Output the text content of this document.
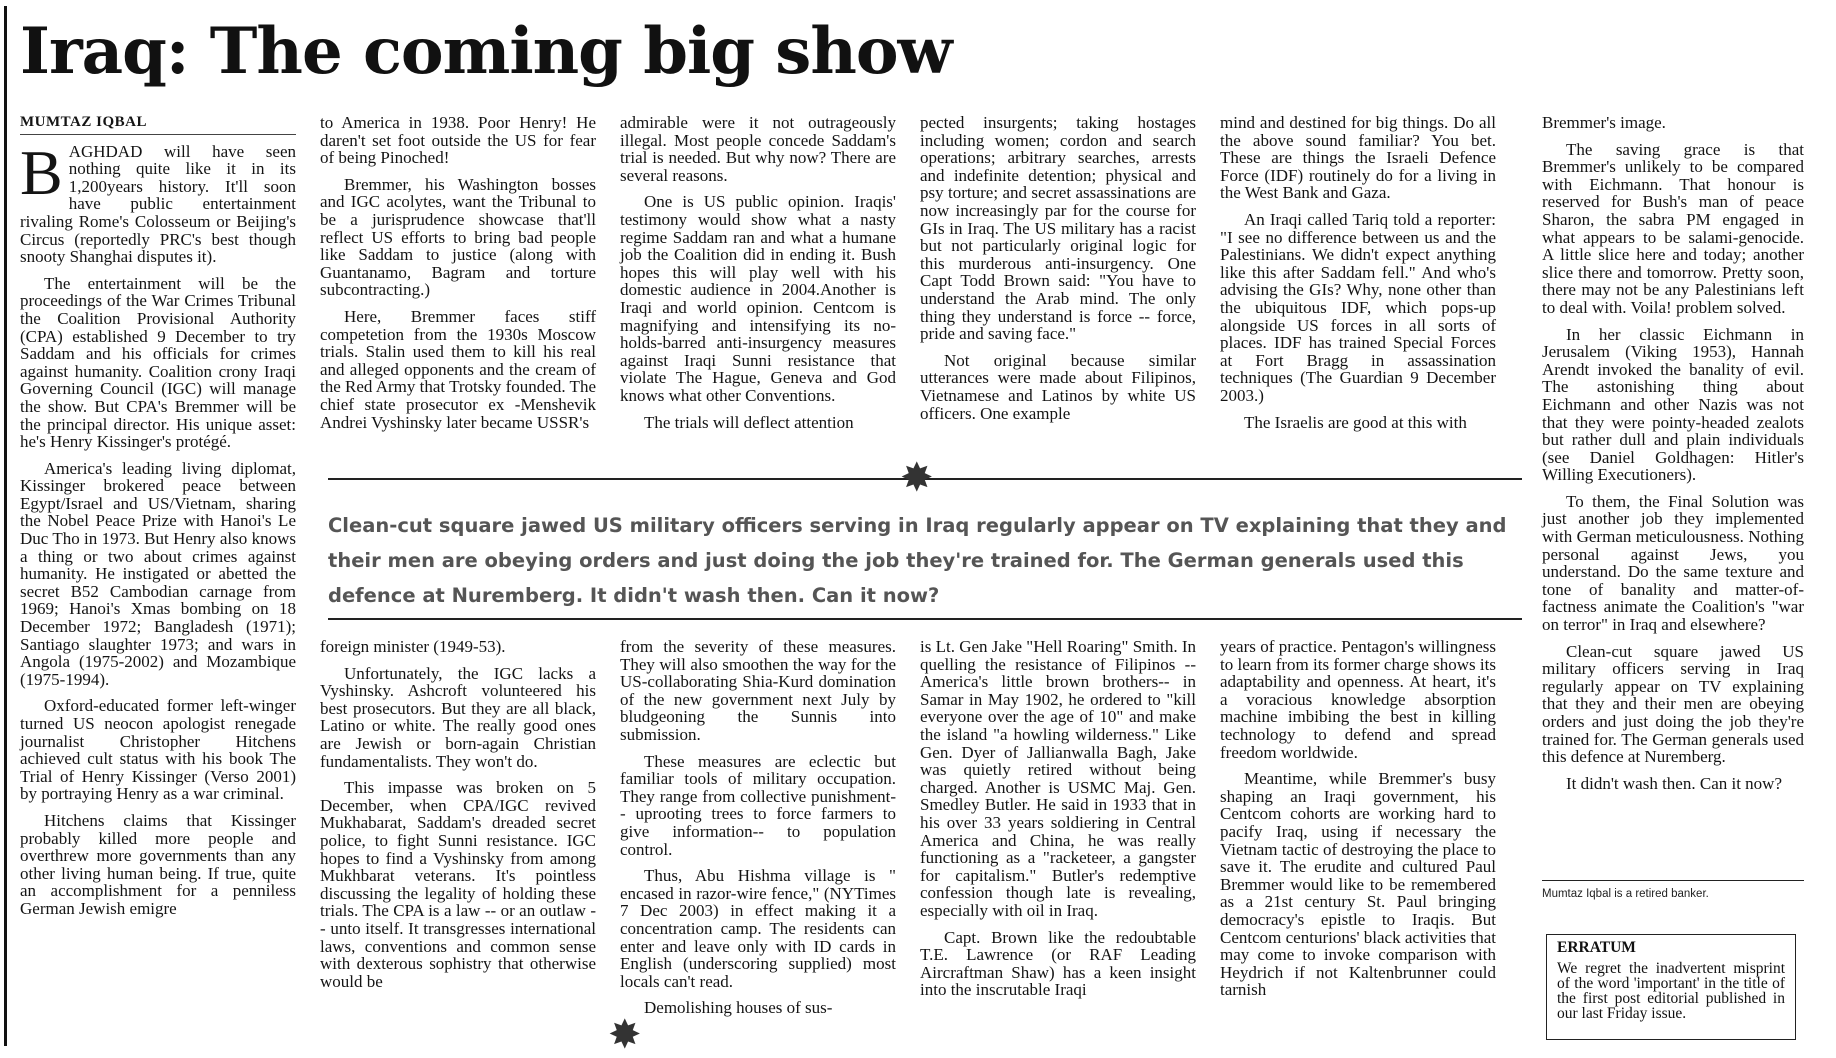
Iraq: The coming big show
MUMTAZ IQBAL

BAGHDAD will have seen nothing quite like it in its 1,200years history. It'll soon have public entertainment rivaling Rome's Colosseum or Beijing's Circus (reportedly PRC's best though snooty Shanghai disputes it).

The entertainment will be the proceedings of the War Crimes Tribunal the Coalition Provisional Authority (CPA) established 9 December to try Saddam and his officials for crimes against humanity. Coalition crony Iraqi Governing Council (IGC) will manage the show. But CPA's Bremmer will be the principal director. His unique asset: he's Henry Kissinger's protégé.

America's leading living diplomat, Kissinger brokered peace between Egypt/Israel and US/Vietnam, sharing the Nobel Peace Prize with Hanoi's Le Duc Tho in 1973. But Henry also knows a thing or two about crimes against humanity. He instigated or abetted the secret B52 Cambodian carnage from 1969; Hanoi's Xmas bombing on 18 December 1972; Bangladesh (1971); Santiago slaughter 1973; and wars in Angola (1975-2002) and Mozambique (1975-1994).

Oxford-educated former left-winger turned US neocon apologist renegade journalist Christopher Hitchens achieved cult status with his book The Trial of Henry Kissinger (Verso 2001) by portraying Henry as a war criminal.

Hitchens claims that Kissinger probably killed more people and overthrew more governments than any other living human being. If true, quite an accomplishment for a penniless German Jewish emigre

to America in 1938. Poor Henry! He daren't set foot outside the US for fear of being Pinoched!

Bremmer, his Washington bosses and IGC acolytes, want the Tribunal to be a jurisprudence showcase that'll reflect US efforts to bring bad people like Saddam to justice (along with Guantanamo, Bagram and torture subcontracting.)

Here, Bremmer faces stiff competetion from the 1930s Moscow trials. Stalin used them to kill his real and alleged opponents and the cream of the Red Army that Trotsky founded. The chief state prosecutor ex -Menshevik Andrei Vyshinsky later became USSR's

admirable were it not outrageously illegal. Most people concede Saddam's trial is needed. But why now? There are several reasons.

One is US public opinion. Iraqis' testimony would show what a nasty regime Saddam ran and what a humane job the Coalition did in ending it. Bush hopes this will play well with his domestic audience in 2004.Another is Iraqi and world opinion. Centcom is magnifying and intensifying its no-holds-barred anti-insurgency measures against Iraqi Sunni resistance that violate The Hague, Geneva and God knows what other Conventions.

The trials will deflect attention

pected insurgents; taking hostages including women; cordon and search operations; arbitrary searches, arrests and indefinite detention; physical and psy torture; and secret assassinations are now increasingly par for the course for GIs in Iraq. The US military has a racist but not particularly original logic for this murderous anti-insurgency. One Capt Todd Brown said: "You have to understand the Arab mind. The only thing they understand is force -- force, pride and saving face."

Not original because similar utterances were made about Filipinos, Vietnamese and Latinos by white US officers. One example

mind and destined for big things. Do all the above sound familiar? You bet. These are things the Israeli Defence Force (IDF) routinely do for a living in the West Bank and Gaza.

An Iraqi called Tariq told a reporter: "I see no difference between us and the Palestinians. We didn't expect anything like this after Saddam fell." And who's advising the GIs? Why, none other than the ubiquitous IDF, which pops-up alongside US forces in all sorts of places. IDF has trained Special Forces at Fort Bragg in assassination techniques (The Guardian 9 December 2003.)

The Israelis are good at this with

✸
Clean-cut square jawed US military officers serving in Iraq regularly appear on TV explaining that they and their men are obeying orders and just doing the job they're trained for. The German generals used this defence at Nuremberg. It didn't wash then. Can it now?
✸

foreign minister (1949-53).

Unfortunately, the IGC lacks a Vyshinsky. Ashcroft volunteered his best prosecutors. But they are all black, Latino or white. The really good ones are Jewish or born-again Christian fundamentalists. They won't do.

This impasse was broken on 5 December, when CPA/IGC revived Mukhabarat, Saddam's dreaded secret police, to fight Sunni resistance. IGC hopes to find a Vyshinsky from among Mukhbarat veterans. It's pointless discussing the legality of holding these trials. The CPA is a law -- or an outlaw -- unto itself. It transgresses international laws, conventions and common sense with dexterous sophistry that otherwise would be

from the severity of these measures. They will also smoothen the way for the US-collaborating Shia-Kurd domination of the new government next July by bludgeoning the Sunnis into submission.

These measures are eclectic but familiar tools of military occupation. They range from collective punishment-- uprooting trees to force farmers to give information-- to population control.

Thus, Abu Hishma village is " encased in razor-wire fence," (NYTimes 7 Dec 2003) in effect making it a concentration camp. The residents can enter and leave only with ID cards in English (underscoring supplied) most locals can't read.

Demolishing houses of sus-

is Lt. Gen Jake "Hell Roaring" Smith. In quelling the resistance of Filipinos -- America's little brown brothers-- in Samar in May 1902, he ordered to "kill everyone over the age of 10" and make the island "a howling wilderness." Like Gen. Dyer of Jallianwalla Bagh, Jake was quietly retired without being charged. Another is USMC Maj. Gen. Smedley Butler. He said in 1933 that in his over 33 years soldiering in Central America and China, he was really functioning as a "racketeer, a gangster for capitalism." Butler's redemptive confession though late is revealing, especially with oil in Iraq.

Capt. Brown like the redoubtable T.E. Lawrence (or RAF Leading Aircraftman Shaw) has a keen insight into the inscrutable Iraqi

years of practice. Pentagon's willingness to learn from its former charge shows its adaptability and openness. At heart, it's a voracious knowledge absorption machine imbibing the best in killing technology to defend and spread freedom worldwide.

Meantime, while Bremmer's busy shaping an Iraqi government, his Centcom cohorts are working hard to pacify Iraq, using if necessary the Vietnam tactic of destroying the place to save it. The erudite and cultured Paul Bremmer would like to be remembered as a 21st century St. Paul bringing democracy's epistle to Iraqis. But Centcom centurions' black activities that may come to invoke comparison with Heydrich if not Kaltenbrunner could tarnish

Bremmer's image.

The saving grace is that Bremmer's unlikely to be compared with Eichmann. That honour is reserved for Bush's man of peace Sharon, the sabra PM engaged in what appears to be salami-genocide. A little slice here and today; another slice there and tomorrow. Pretty soon, there may not be any Palestinians left to deal with. Voila! problem solved.

In her classic Eichmann in Jerusalem (Viking 1953), Hannah Arendt invoked the banality of evil. The astonishing thing about Eichmann and other Nazis was not that they were pointy-headed zealots but rather dull and plain individuals (see Daniel Goldhagen: Hitler's Willing Executioners).

To them, the Final Solution was just another job they implemented with German meticulousness. Nothing personal against Jews, you understand. Do the same texture and tone of banality and matter-of-factness animate the Coalition's "war on terror" in Iraq and elsewhere?

Clean-cut square jawed US military officers serving in Iraq regularly appear on TV explaining that they and their men are obeying orders and just doing the job they're trained for. The German generals used this defence at Nuremberg.

It didn't wash then. Can it now?

Mumtaz Iqbal is a retired banker.
ERRATUM

We regret the inadvertent misprint of the word 'important' in the title of the first post editorial published in our last Friday issue.
